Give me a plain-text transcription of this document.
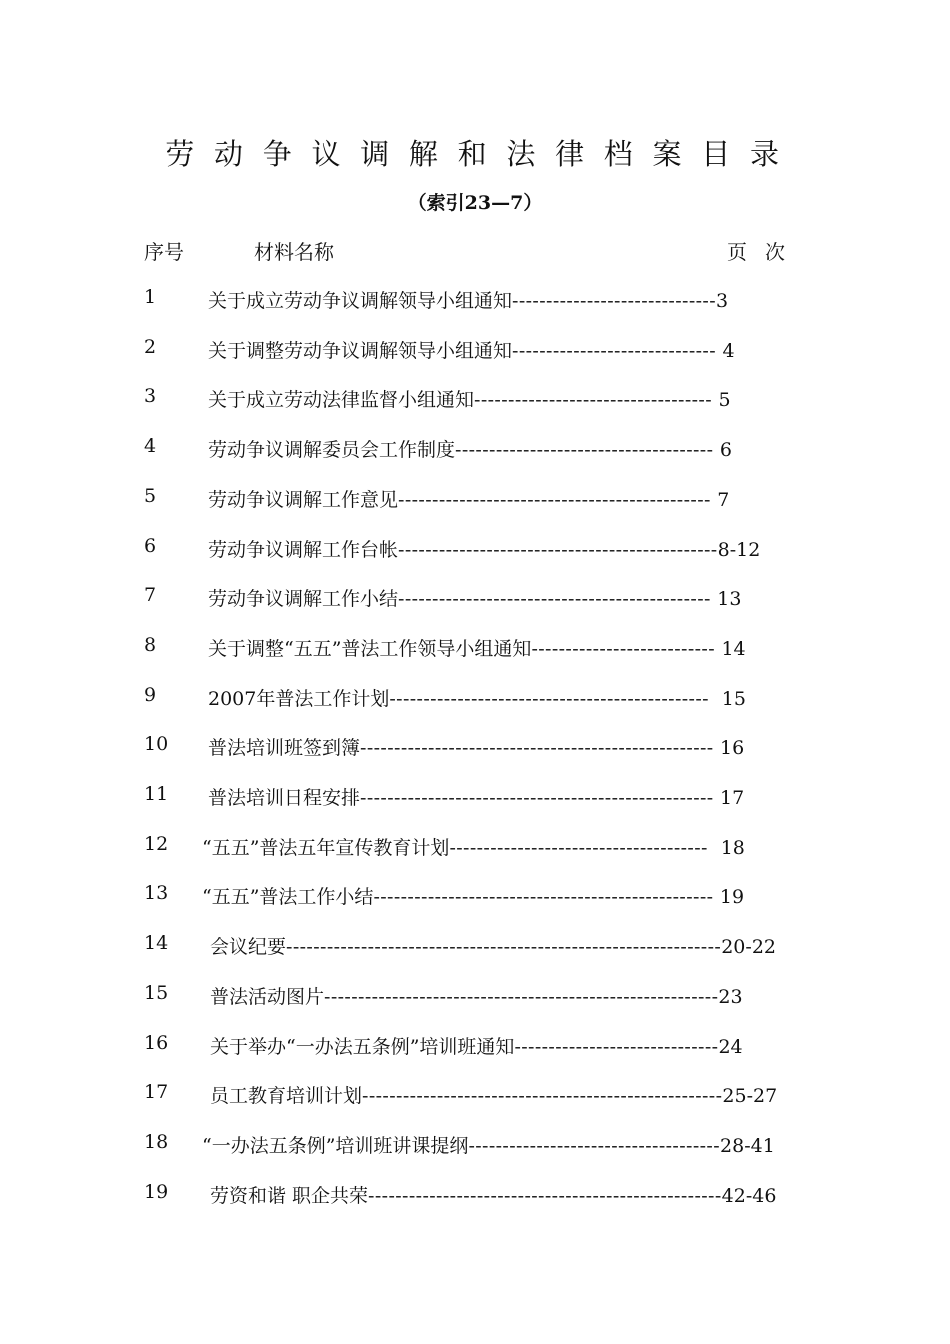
劳动争议调解和法律档案目录
（索引23—7）
序号	材料名称	页次
1	关于成立劳动争议调解领导小组通知------------------------------3
2	关于调整劳动争议调解领导小组通知------------------------------ 4
3	关于成立劳动法律监督小组通知----------------------------------- 5
4	劳动争议调解委员会工作制度-------------------------------------- 6
5	劳动争议调解工作意见---------------------------------------------- 7
6	劳动争议调解工作台帐-----------------------------------------------8-12
7	劳动争议调解工作小结---------------------------------------------- 13
8	关于调整“五五”普法工作领导小组通知--------------------------- 14
9	2007年普法工作计划-----------------------------------------------  15
10 普法培训班签到簿---------------------------------------------------- 16
11 普法培训日程安排---------------------------------------------------- 17
12 “五五”普法五年宣传教育计划--------------------------------------  18
13 “五五”普法工作小结-------------------------------------------------- 19
14 会议纪要----------------------------------------------------------------20-22
15 普法活动图片----------------------------------------------------------23
16 关于举办“一办法五条例”培训班通知------------------------------24
17 员工教育培训计划-----------------------------------------------------25-27
18 “一办法五条例”培训班讲课提纲-------------------------------------28-41
19 劳资和谐 职企共荣----------------------------------------------------42-46
